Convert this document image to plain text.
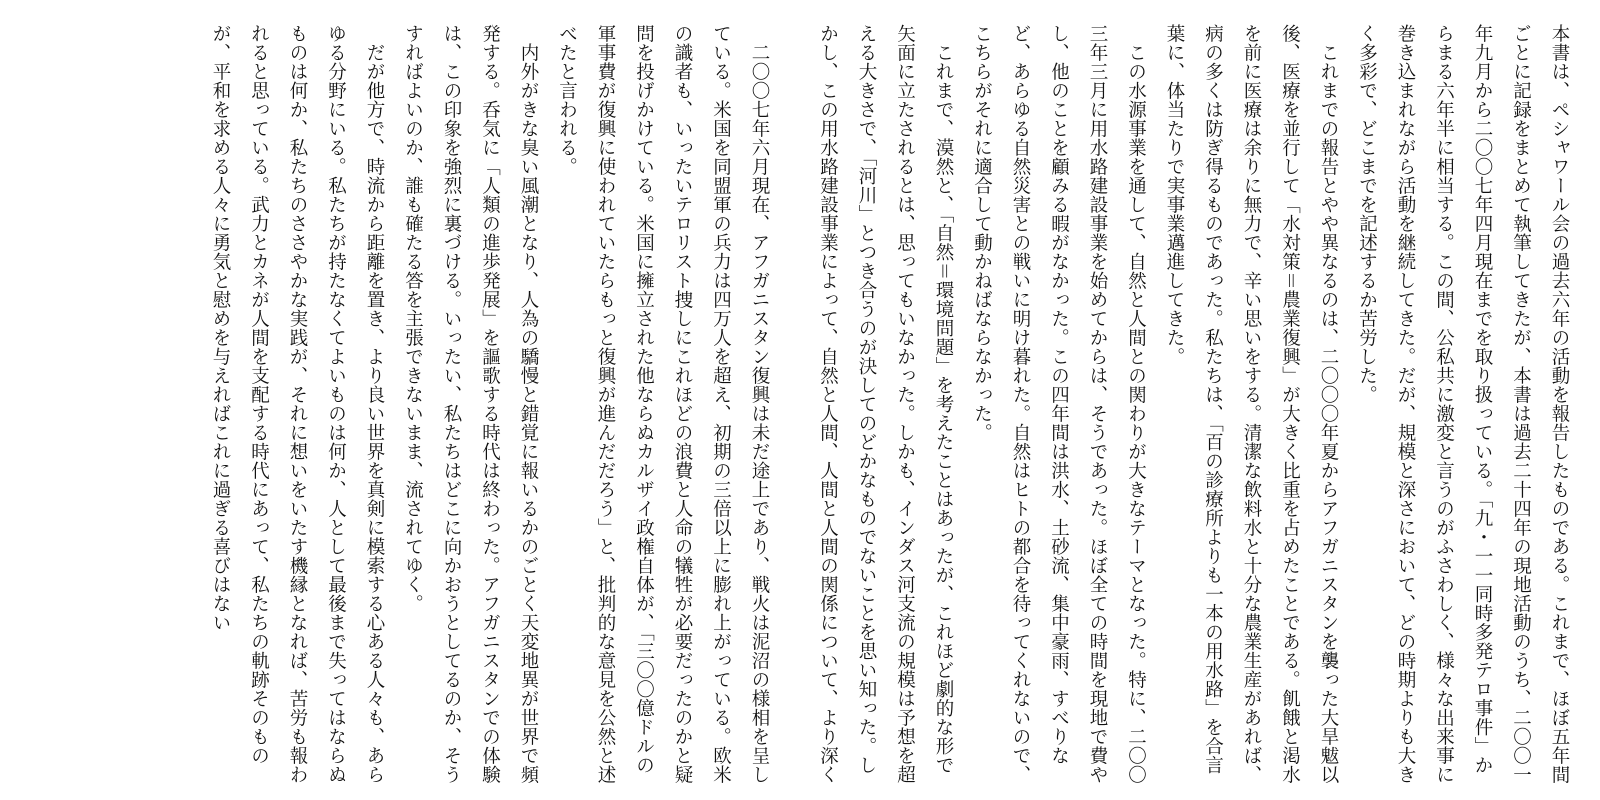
本書は、ペシャワール会の過去六年の活動を報告したものである。これまで、ほぼ五年間ごとに記録をまとめて執筆してきたが、本書は過去二十四年の現地活動のうち、二〇〇一年九月から二〇〇七年四月現在までを取り扱っている。「九・一一同時多発テロ事件」からまる六年半に相当する。この間、公私共に激変と言うのがふさわしく、様々な出来事に巻き込まれながら活動を継続してきた。だが、規模と深さにおいて、どの時期よりも大きく多彩で、どこまでを記述するか苦労した。

これまでの報告とやや異なるのは、二〇〇〇年夏からアフガニスタンを襲った大旱魃以後、医療を並行して「水対策＝農業復興」が大きく比重を占めたことである。飢餓と渇水を前に医療は余りに無力で、辛い思いをする。清潔な飲料水と十分な農業生産があれば、病の多くは防ぎ得るものであった。私たちは、「百の診療所よりも一本の用水路」を合言葉に、体当たりで実事業邁進してきた。

この水源事業を通して、自然と人間との関わりが大きなテーマとなった。特に、二〇〇三年三月に用水路建設事業を始めてからは、そうであった。ほぼ全ての時間を現地で費やし、他のことを顧みる暇がなかった。この四年間は洪水、土砂流、集中豪雨、すべりなど、あらゆる自然災害との戦いに明け暮れた。自然はヒトの都合を待ってくれないので、こちらがそれに適合して動かねばならなかった。

これまで、漠然と、「自然＝環境問題」を考えたことはあったが、これほど劇的な形で矢面に立たされるとは、思ってもいなかった。しかも、インダス河支流の規模は予想を超える大きさで、「河川」とつき合うのが決してのどかなものでないことを思い知った。しかし、この用水路建設事業によって、自然と人間、人間と人間の関係について、より深く

二〇〇七年六月現在、アフガニスタン復興は未だ途上であり、戦火は泥沼の様相を呈している。米国を同盟軍の兵力は四万人を超え、初期の三倍以上に膨れ上がっている。欧米の識者も、いったいテロリスト捜しにこれほどの浪費と人命の犠牲が必要だったのかと疑問を投げかけている。米国に擁立された他ならぬカルザイ政権自体が、「三〇〇億ドルの軍事費が復興に使われていたらもっと復興が進んだだろう」と、批判的な意見を公然と述べたと言われる。

内外がきな臭い風潮となり、人為の驕慢と錯覚に報いるかのごとく天変地異が世界で頻発する。呑気に「人類の進歩発展」を謳歌する時代は終わった。アフガニスタンでの体験は、この印象を強烈に裏づける。いったい、私たちはどこに向かおうとしてるのか、そうすればよいのか、誰も確たる答を主張できないまま、流されてゆく。

だが他方で、時流から距離を置き、より良い世界を真剣に模索する心ある人々も、あらゆる分野にいる。私たちが持たなくてよいものは何か、人として最後まで失ってはならぬものは何か、私たちのささやかな実践が、それに想いをいたす機縁となれば、苦労も報われると思っている。武力とカネが人間を支配する時代にあって、私たちの軌跡そのものが、平和を求める人々に勇気と慰めを与えればこれに過ぎる喜びはない
